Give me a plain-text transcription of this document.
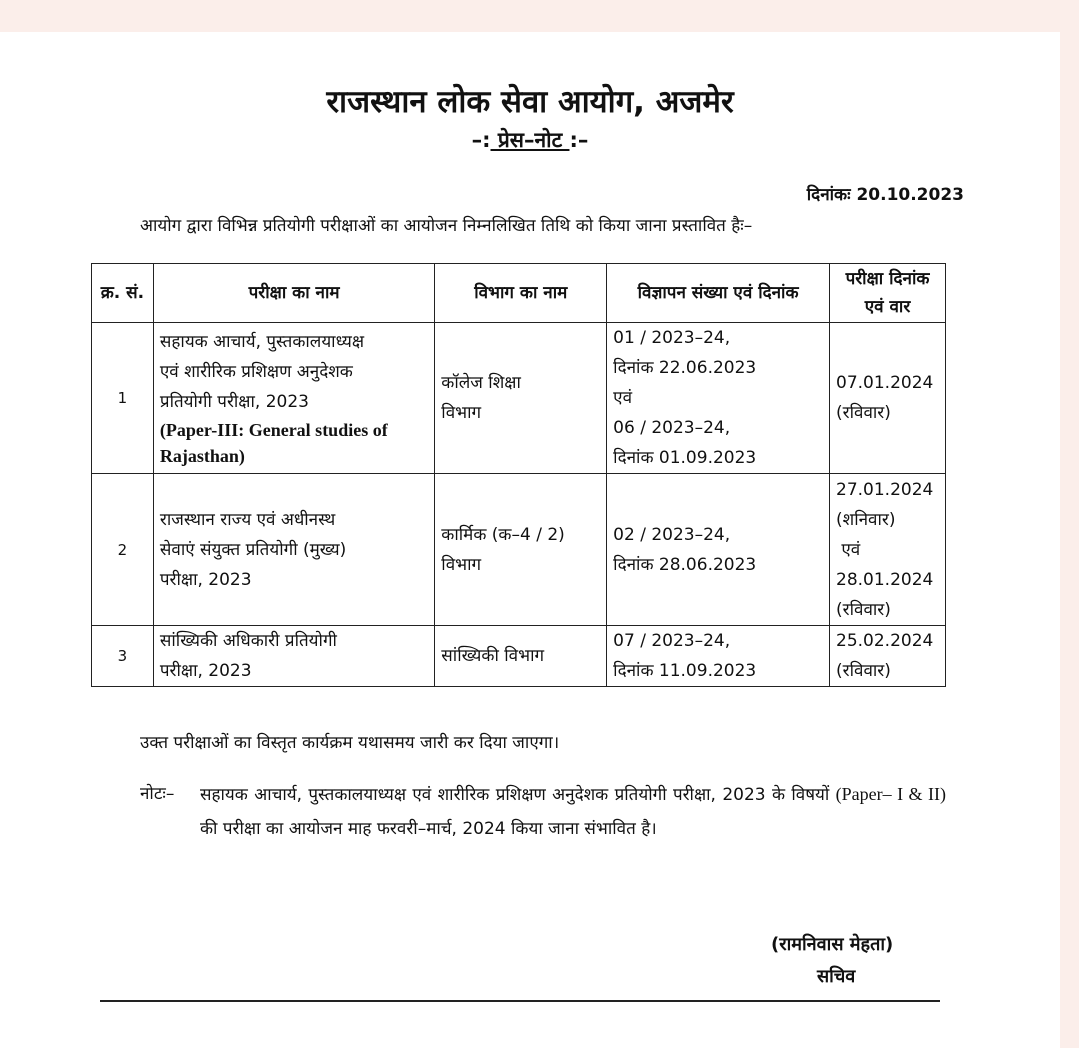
राजस्थान लोक सेवा आयोग, अजमेर
–: प्रेस–नोट :–
दिनांकः 20.10.2023
आयोग द्वारा विभिन्न प्रतियोगी परीक्षाओं का आयोजन निम्नलिखित तिथि को किया जाना प्रस्तावित हैः–
क्र. सं.	परीक्षा का नाम	विभाग का नाम	विज्ञापन संख्या एवं दिनांक	परीक्षा दिनांक
एवं वार

1	सहायक आचार्य, पुस्तकालयाध्यक्ष
एवं शारीरिक प्रशिक्षण अनुदेशक
प्रतियोगी परीक्षा, 2023
(Paper-III: General studies of
Rajasthan)	कॉलेज शिक्षा
विभाग	01 / 2023–24,
दिनांक 22.06.2023
एवं
06 / 2023–24,
दिनांक 01.09.2023	07.01.2024
(रविवार)

2	राजस्थान राज्य एवं अधीनस्थ
सेवाएं संयुक्त प्रतियोगी (मुख्य)
परीक्षा, 2023	कार्मिक (क–4 / 2)
विभाग	02 / 2023–24,
दिनांक 28.06.2023	27.01.2024
(शनिवार)
एवं
28.01.2024
(रविवार)

3	सांख्यिकी अधिकारी प्रतियोगी
परीक्षा, 2023	सांख्यिकी विभाग	07 / 2023–24,
दिनांक 11.09.2023	25.02.2024
(रविवार)
उक्त परीक्षाओं का विस्तृत कार्यक्रम यथासमय जारी कर दिया जाएगा।
नोटः– सहायक आचार्य, पुस्तकालयाध्यक्ष एवं शारीरिक प्रशिक्षण अनुदेशक प्रतियोगी परीक्षा, 2023 के विषयों (Paper– I & II) की परीक्षा का आयोजन माह फरवरी–मार्च, 2024 किया जाना संभावित है।
(रामनिवास मेहता)
सचिव
